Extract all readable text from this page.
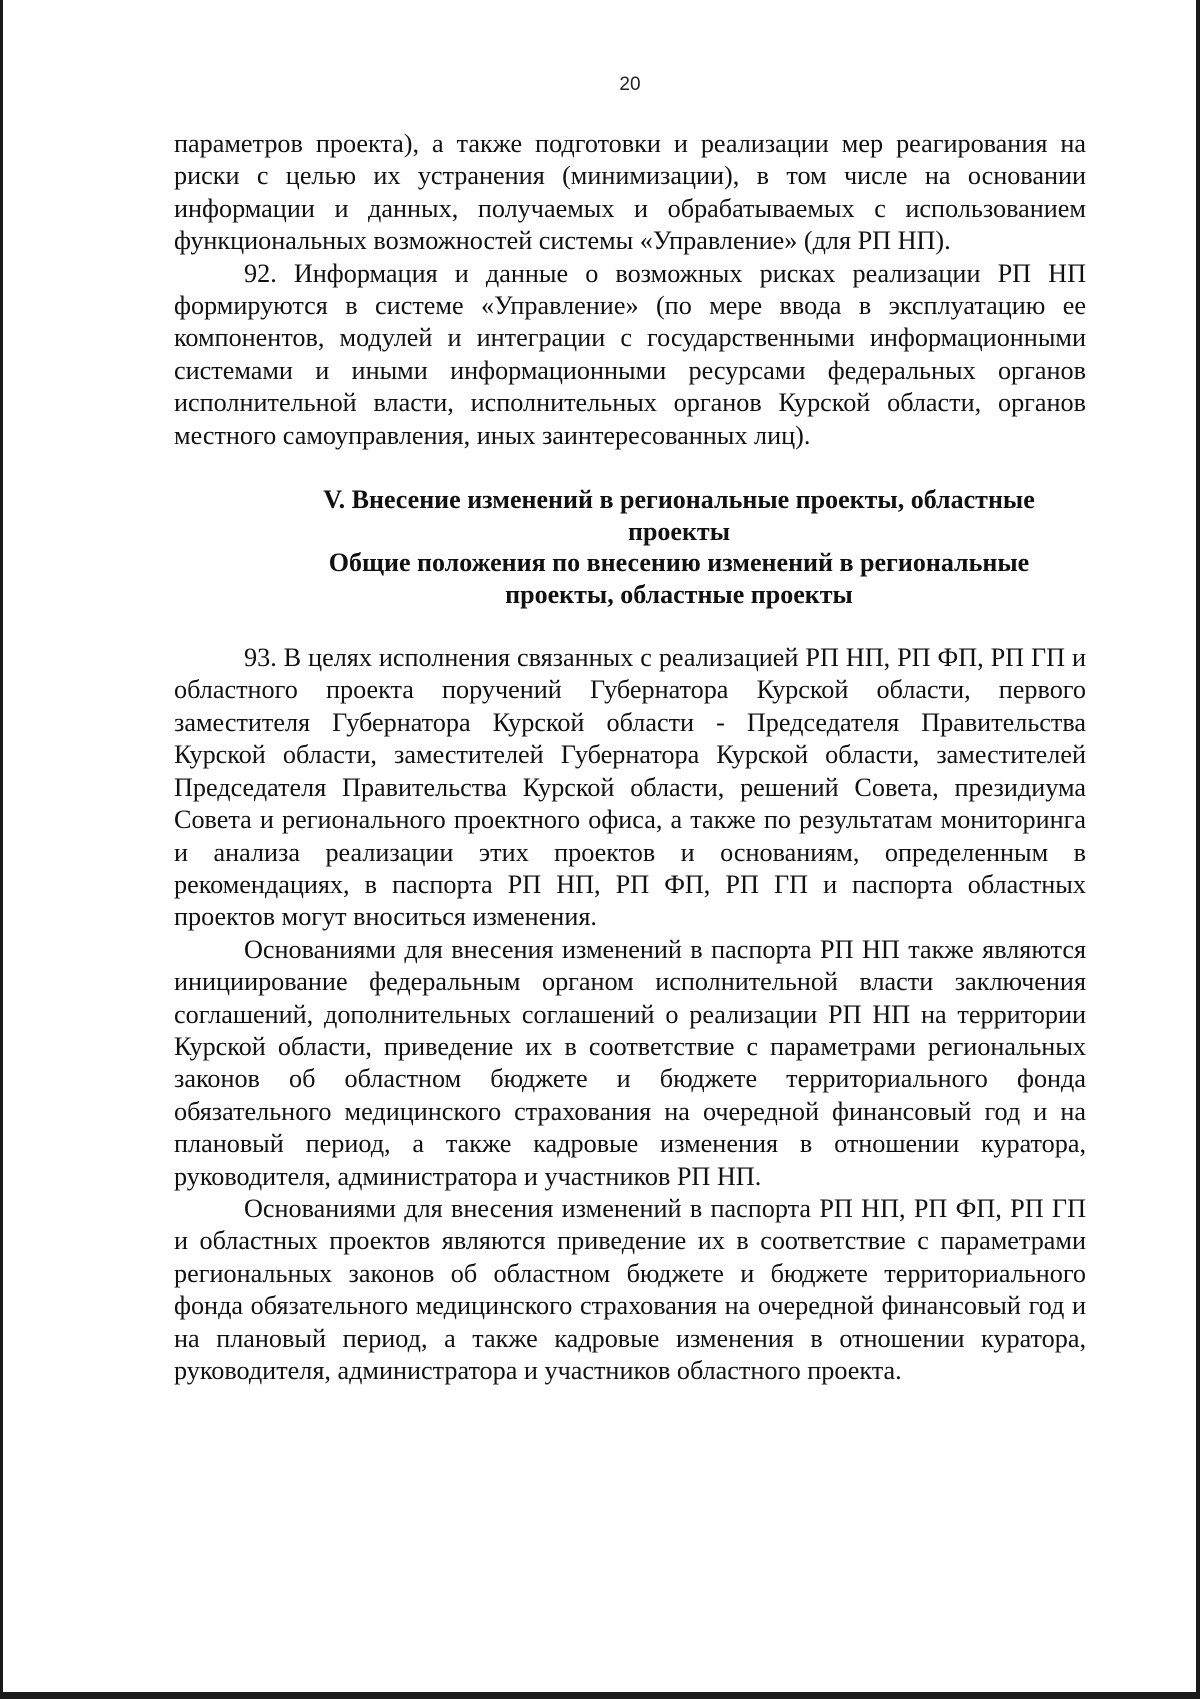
20

параметров проекта), а также подготовки и реализации мер реагирования на риски с целью их устранения (минимизации), в том числе на основании информации и данных, получаемых и обрабатываемых с использованием функциональных возможностей системы «Управление» (для РП НП).

92. Информация и данные о возможных рисках реализации РП НП формируются в системе «Управление» (по мере ввода в эксплуатацию ее компонентов, модулей и интеграции с государственными информационными системами и иными информационными ресурсами федеральных органов исполнительной власти, исполнительных органов Курской области, органов местного самоуправления, иных заинтересованных лиц).

V. Внесение изменений в региональные проекты, областные

проекты

Общие положения по внесению изменений в региональные

проекты, областные проекты

93. В целях исполнения связанных с реализацией РП НП, РП ФП, РП ГП и областного проекта поручений Губернатора Курской области, первого заместителя Губернатора Курской области - Председателя Правительства Курской области, заместителей Губернатора Курской области, заместителей Председателя Правительства Курской области, решений Совета, президиума Совета и регионального проектного офиса, а также по результатам мониторинга и анализа реализации этих проектов и основаниям, определенным в рекомендациях, в паспорта РП НП, РП ФП, РП ГП и паспорта областных проектов могут вноситься изменения.

Основаниями для внесения изменений в паспорта РП НП также являются инициирование федеральным органом исполнительной власти заключения соглашений, дополнительных соглашений о реализации РП НП на территории Курской области, приведение их в соответствие с параметрами региональных законов об областном бюджете и бюджете территориального фонда обязательного медицинского страхования на очередной финансовый год и на плановый период, а также кадровые изменения в отношении куратора, руководителя, администратора и участников РП НП.

Основаниями для внесения изменений в паспорта РП НП, РП ФП, РП ГП и областных проектов являются приведение их в соответствие с параметрами региональных законов об областном бюджете и бюджете территориального фонда обязательного медицинского страхования на очередной финансовый год и на плановый период, а также кадровые изменения в отношении куратора, руководителя, администратора и участников областного проекта.
